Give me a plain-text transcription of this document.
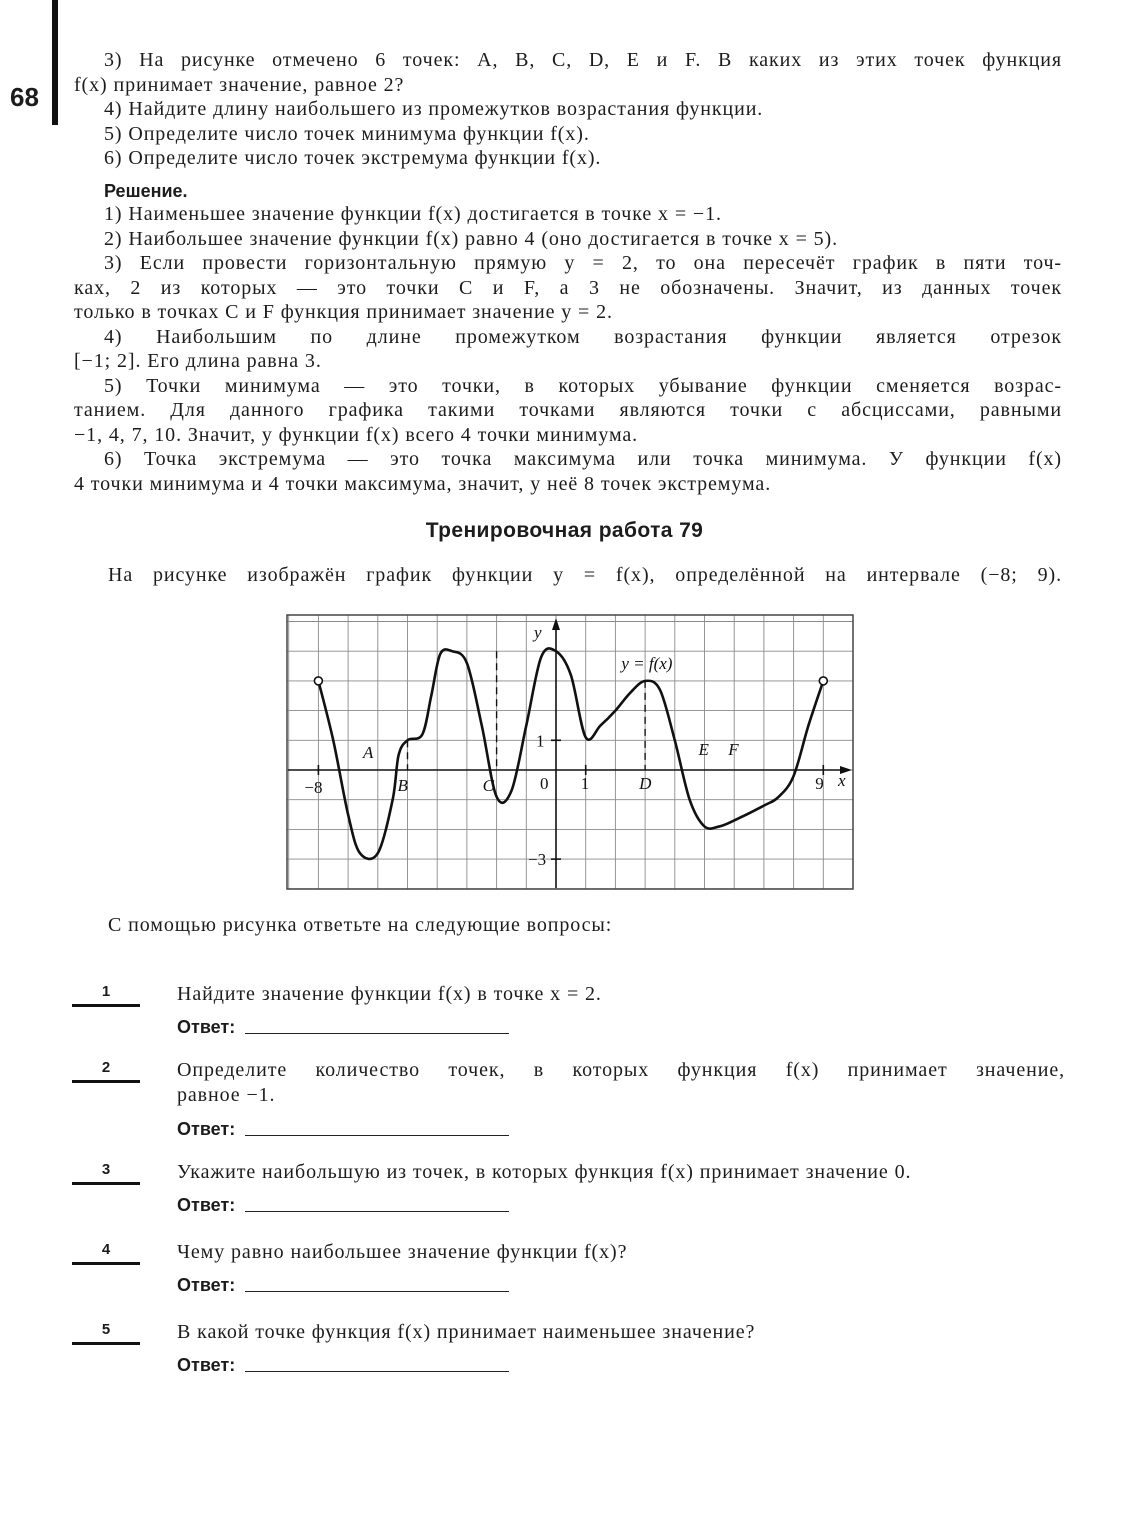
68
3) На рисунке отмечено 6 точек: A, B, C, D, E и F. В каких из этих точек функция
f(x) принимает значение, равное 2?
4) Найдите длину наибольшего из промежутков возрастания функции.
5) Определите число точек минимума функции f(x).
6) Определите число точек экстремума функции f(x).
Решение.
1) Наименьшее значение функции f(x) достигается в точке x = −1.
2) Наибольшее значение функции f(x) равно 4 (оно достигается в точке x = 5).
3) Если провести горизонтальную прямую y = 2, то она пересечёт график в пяти точ-
ках, 2 из которых — это точки C и F, а 3 не обозначены. Значит, из данных точек
только в точках C и F функция принимает значение y = 2.
4) Наибольшим по длине промежутком возрастания функции является отрезок
[−1; 2]. Его длина равна 3.
5) Точки минимума — это точки, в которых убывание функции сменяется возрас-
танием. Для данного графика такими точками являются точки с абсциссами, равными
−1, 4, 7, 10. Значит, у функции f(x) всего 4 точки минимума.
6) Точка экстремума — это точка максимума или точка минимума. У функции f(x)
4 точки минимума и 4 точки максимума, значит, у неё 8 точек экстремума.
Тренировочная работа 79
На рисунке изображён график функции y = f(x), определённой на интервале (−8; 9).
y
x
y = f(x)
−8	0 1	9
1
−3
A
B	C	D
E F
С помощью рисунка ответьте на следующие вопросы:
1	Найдите значение функции f(x) в точке x = 2.
Ответ:
2	Определите количество точек, в которых функция f(x) принимает значение,
равное −1.
Ответ:
3	Укажите наибольшую из точек, в которых функция f(x) принимает значение 0.
Ответ:
4	Чему равно наибольшее значение функции f(x)?
Ответ:
5	В какой точке функция f(x) принимает наименьшее значение?
Ответ:
